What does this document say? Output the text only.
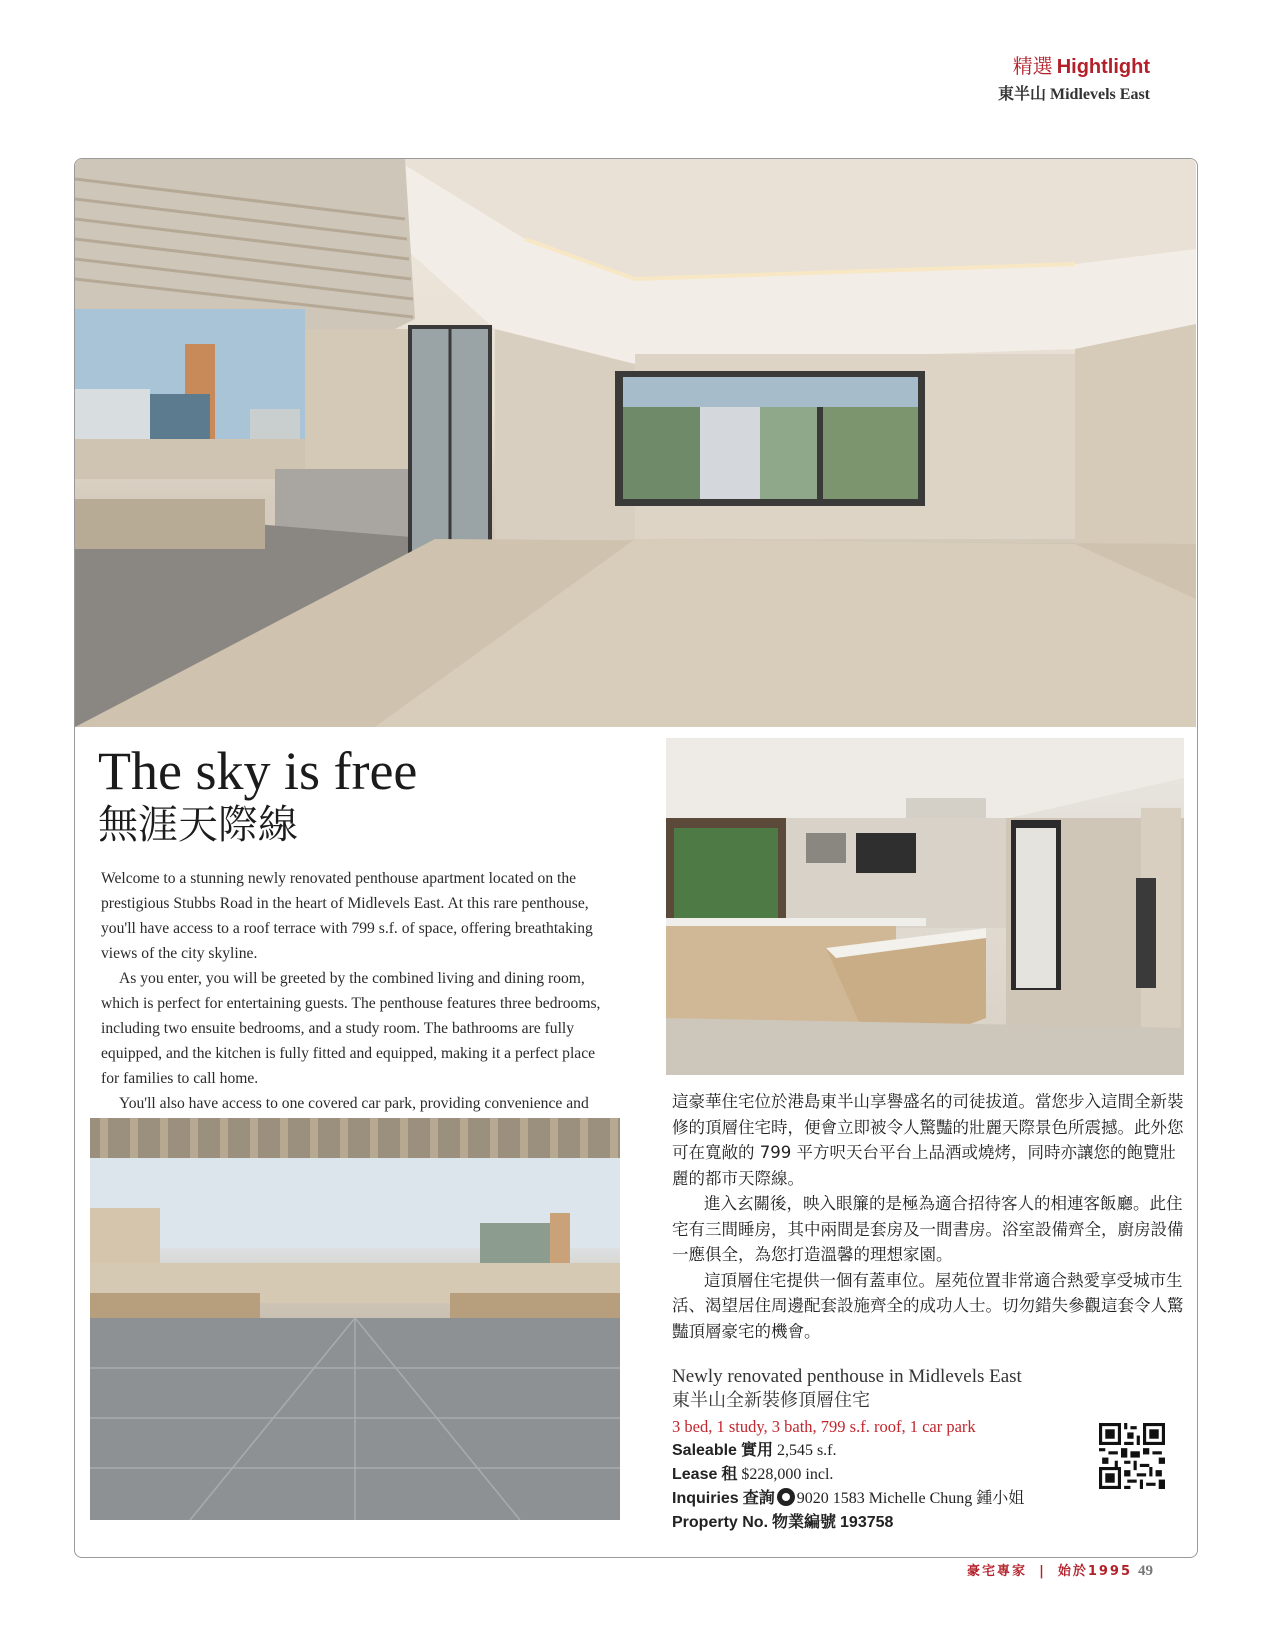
精選 Hightlight
東半山 Midlevels East
The sky is free
無涯天際線

Welcome to a stunning newly renovated penthouse apartment located on the prestigious Stubbs Road in the heart of Midlevels East. At this rare penthouse, you'll have access to a roof terrace with 799 s.f. of space, offering breathtaking views of the city skyline.

As you enter, you will be greeted by the combined living and dining room, which is perfect for entertaining guests. The penthouse features three bedrooms, including two ensuite bedrooms, and a study room. The bathrooms are fully equipped, and the kitchen is fully fitted and equipped, making it a perfect place for families to call home.

You'll also have access to one covered car park, providing convenience and	這豪華住宅位於港島東半山享譽盛名的司徒拔道。當您步入這間全新裝修的頂層住宅時，便會立即被令人驚豔的壯麗天際景色所震撼。此外您可在寬敞的 799 平方呎天台平台上品酒或燒烤，同時亦讓您的飽覽壯麗的都市天際線。

進入玄關後，映入眼簾的是極為適合招待客人的相連客飯廳。此住宅有三間睡房，其中兩間是套房及一間書房。浴室設備齊全，廚房設備一應俱全，為您打造溫馨的理想家園。

這頂層住宅提供一個有蓋車位。屋苑位置非常適合熱愛享受城市生活、渴望居住周邊配套設施齊全的成功人士。切勿錯失參觀這套令人驚豔頂層豪宅的機會。

Newly renovated penthouse in Midlevels East
東半山全新裝修頂層住宅
3 bed, 1 study, 3 bath, 799 s.f. roof, 1 car park
Saleable 實用 2,545 s.f.
Lease 租 $228,000 incl.
Inquiries 查詢 9020 1583 Michelle Chung 鍾小姐
Property No. 物業編號 193758
豪宅專家 | 始於1995 49
